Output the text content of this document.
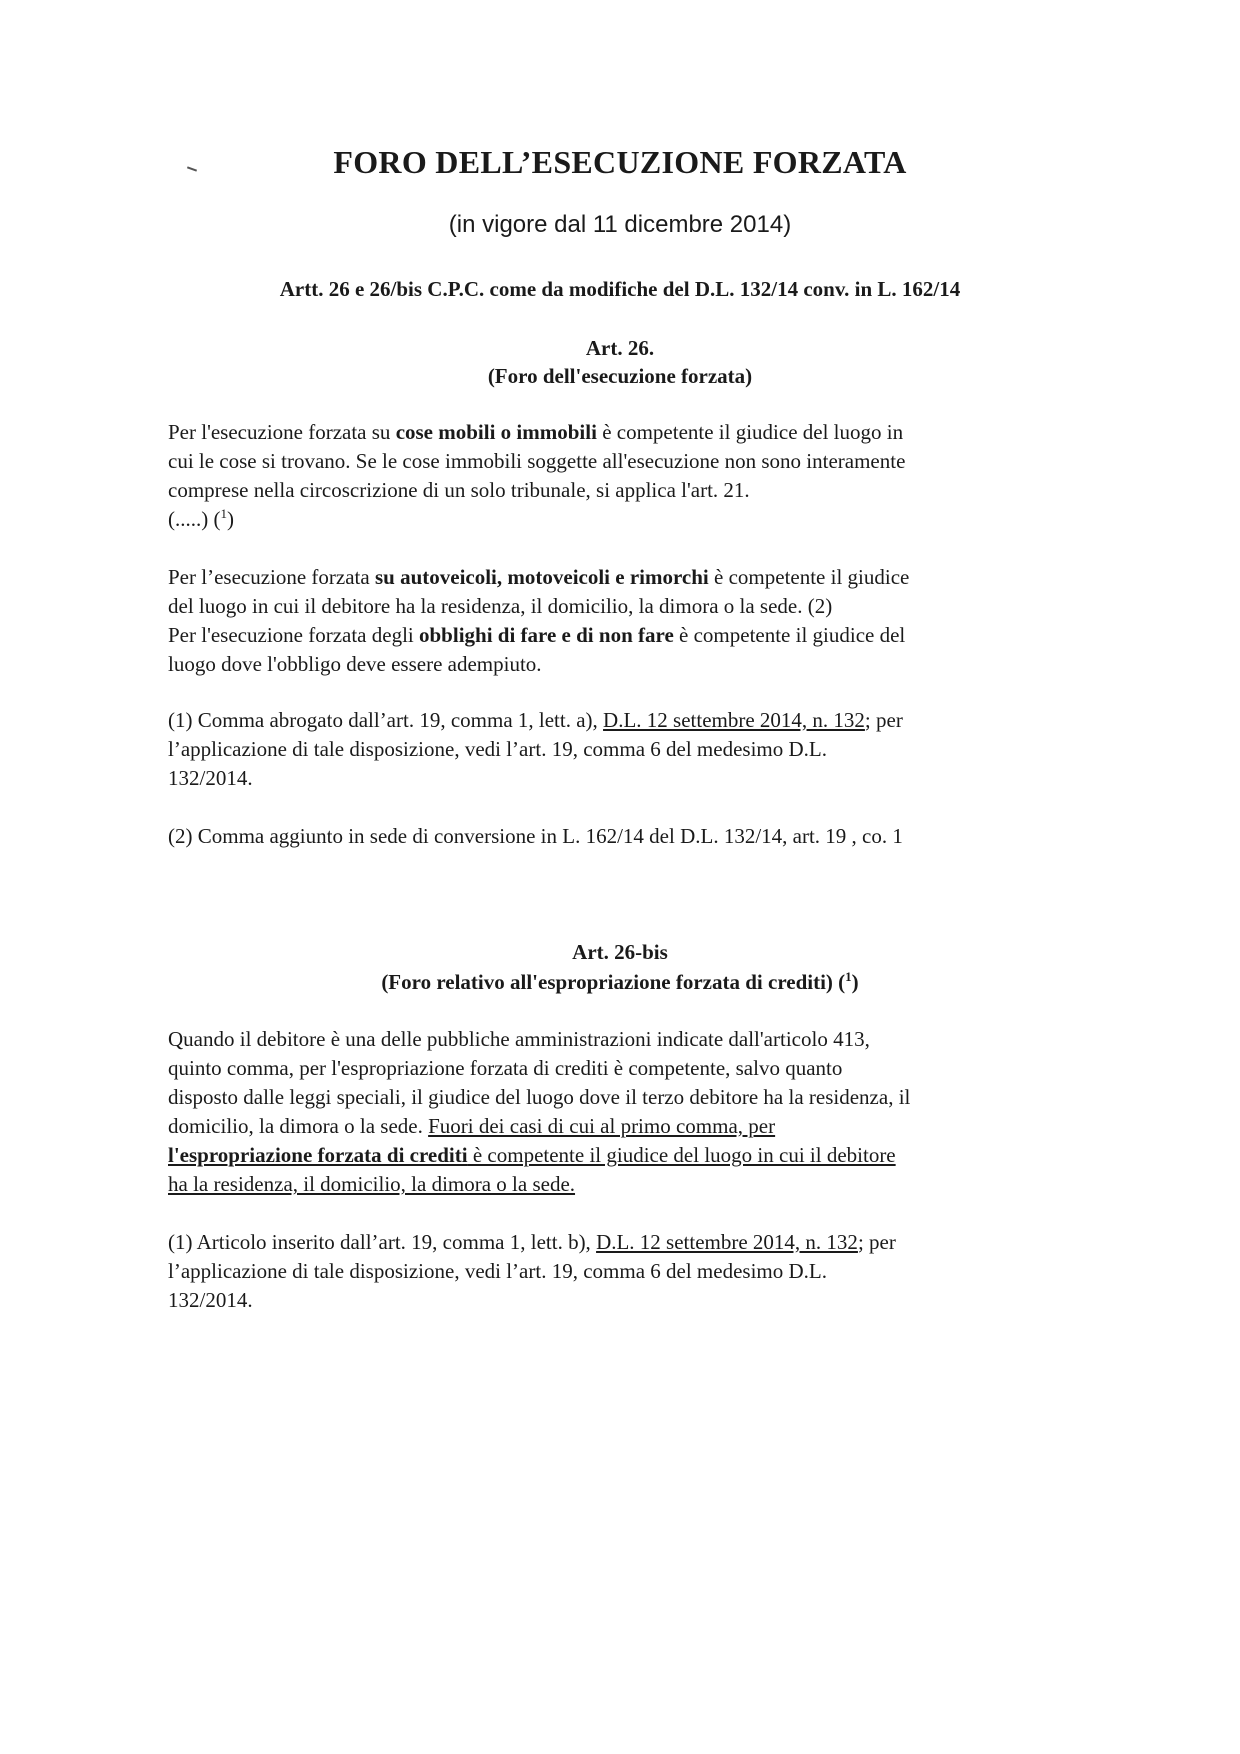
FORO DELL’ESECUZIONE FORZATA
(in vigore dal 11 dicembre 2014)
Artt. 26 e 26/bis C.P.C. come da modifiche del D.L. 132/14 conv. in L. 162/14
Art. 26.
(Foro dell'esecuzione forzata)
Per l'esecuzione forzata su cose mobili o immobili è competente il giudice del luogo in
cui le cose si trovano. Se le cose immobili soggette all'esecuzione non sono interamente
comprese nella circoscrizione di un solo tribunale, si applica l'art. 21.
(.....) ($^1$)
Per l’esecuzione forzata su autoveicoli, motoveicoli e rimorchi è competente il giudice
del luogo in cui il debitore ha la residenza, il domicilio, la dimora o la sede. (2)
Per l'esecuzione forzata degli obblighi di fare e di non fare è competente il giudice del
luogo dove l'obbligo deve essere adempiuto.
(1) Comma abrogato dall’art. 19, comma 1, lett. a), D.L. 12 settembre 2014, n. 132; per
l’applicazione di tale disposizione, vedi l’art. 19, comma 6 del medesimo D.L.
132/2014.
(2) Comma aggiunto in sede di conversione in L. 162/14 del D.L. 132/14, art. 19 , co. 1
Art. 26-bis
(Foro relativo all'espropriazione forzata di crediti) ($^1$)
Quando il debitore è una delle pubbliche amministrazioni indicate dall'articolo 413,
quinto comma, per l'espropriazione forzata di crediti è competente, salvo quanto
disposto dalle leggi speciali, il giudice del luogo dove il terzo debitore ha la residenza, il
domicilio, la dimora o la sede. Fuori dei casi di cui al primo comma, per
l'espropriazione forzata di crediti è competente il giudice del luogo in cui il debitore
ha la residenza, il domicilio, la dimora o la sede.
(1) Articolo inserito dall’art. 19, comma 1, lett. b), D.L. 12 settembre 2014, n. 132; per
l’applicazione di tale disposizione, vedi l’art. 19, comma 6 del medesimo D.L.
132/2014.
